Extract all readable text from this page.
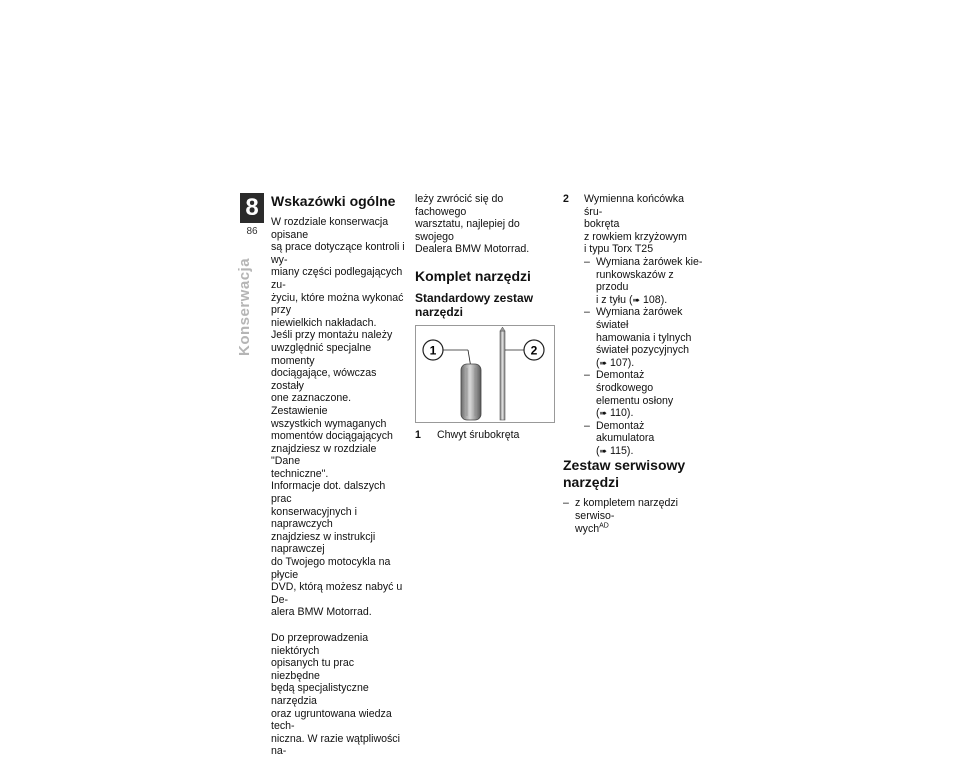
8
86
Konserwacja
Wskazówki ogólne

W rozdziale konserwacja opisane
są prace dotyczące kontroli i wy-
miany części podlegających zu-
życiu, które można wykonać przy
niewielkich nakładach.
Jeśli przy montażu należy
uwzględnić specjalne momenty
dociągające, wówczas zostały
one zaznaczone. Zestawienie
wszystkich wymaganych
momentów dociągających
znajdziesz w rozdziale "Dane
techniczne".
Informacje dot. dalszych prac
konserwacyjnych i naprawczych
znajdziesz w instrukcji naprawczej
do Twojego motocykla na płycie
DVD, którą możesz nabyć u De-
alera BMW Motorrad.

Do przeprowadzenia niektórych
opisanych tu prac niezbędne
będą specjalistyczne narzędzia
oraz ugruntowana wiedza tech-
niczna. W razie wątpliwości na-

leży zwrócić się do fachowego
warsztatu, najlepiej do swojego
Dealera BMW Motorrad.

Komplet narzędzi
Standardowy zestaw
narzędzi
1	2
1 Chwyt śrubokręta
2 Wymienna końcówka śru-
bokręta
z rowkiem krzyżowym
i typu Torx T25
– Wymiana żarówek kie-
runkowskazów z przodu
i z tyłu (➠ 108).
– Wymiana żarówek świateł
hamowania i tylnych
świateł pozycyjnych
(➠ 107).
– Demontaż środkowego
elementu osłony
(➠ 110).
– Demontaż akumulatora
(➠ 115).
Zestaw serwisowy
narzędzi
– z kompletem narzędzi serwiso-
wych$^{AD}$
